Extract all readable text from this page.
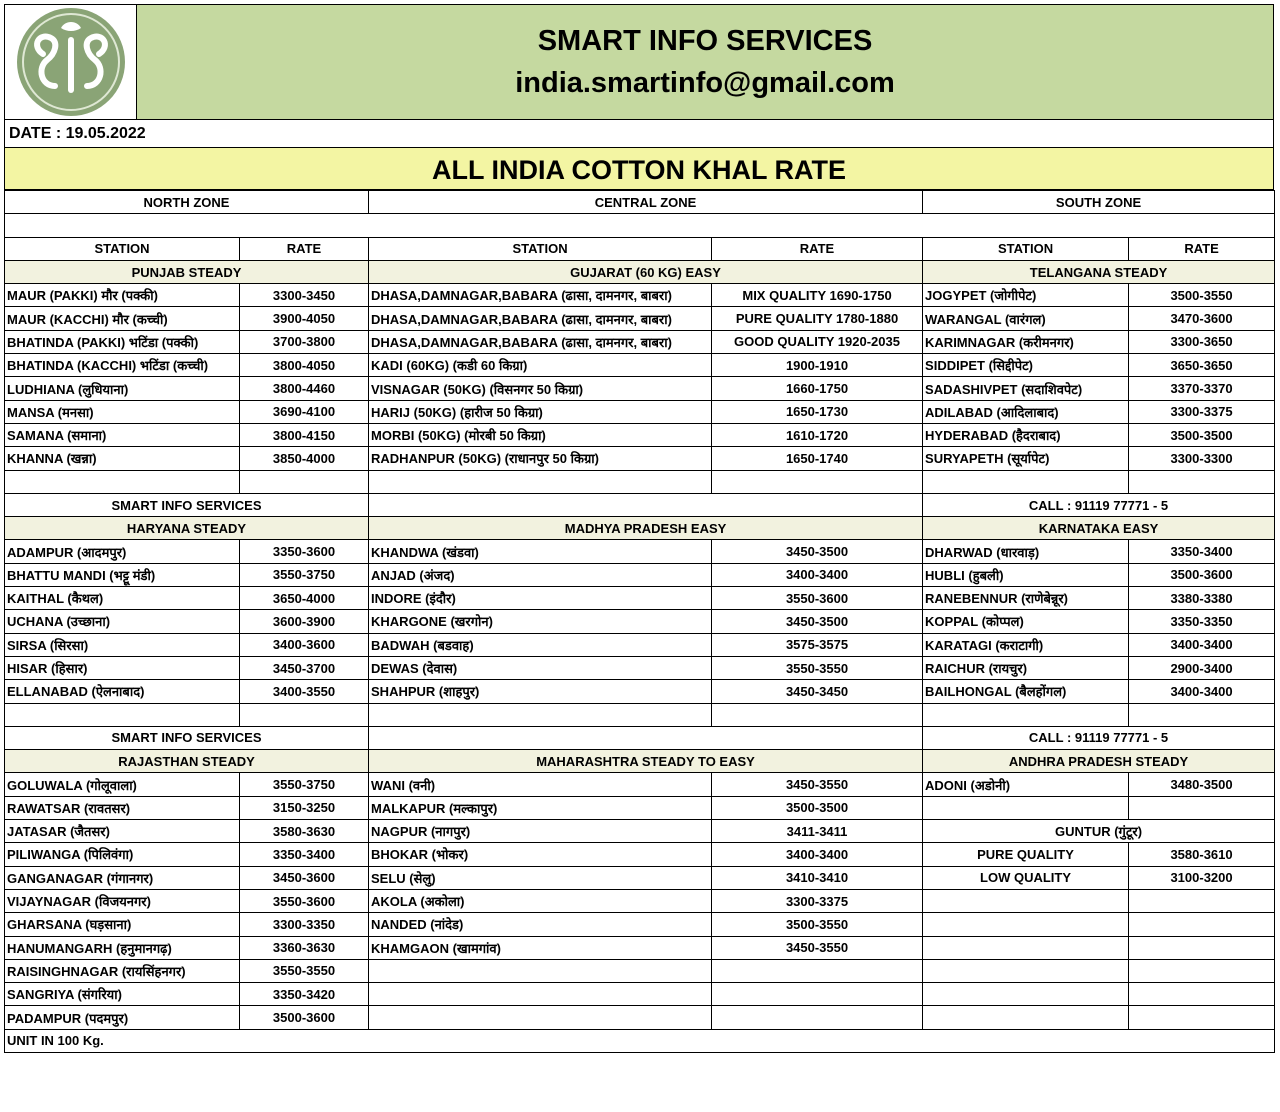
SMART INFO SERVICES
india.smartinfo@gmail.com
DATE : 19.05.2022
ALL INDIA COTTON KHAL RATE
NORTH ZONE		CENTRAL ZONE		SOUTH ZONE	

STATION	RATE	STATION	RATE	STATION	RATE
PUNJAB STEADY		GUJARAT (60 KG) EASY		TELANGANA STEADY	
MAUR (PAKKI) मौर (पक्की)	3300-3450	DHASA,DAMNAGAR,BABARA (ढासा, दामनगर, बाबरा)	MIX QUALITY 1690-1750	JOGYPET (जोगीपेट)	3500-3550
MAUR (KACCHI) मौर (कच्ची)	3900-4050	DHASA,DAMNAGAR,BABARA (ढासा, दामनगर, बाबरा)	PURE QUALITY 1780-1880	WARANGAL (वारंगल)	3470-3600
BHATINDA (PAKKI) भटिंडा (पक्की)	3700-3800	DHASA,DAMNAGAR,BABARA (ढासा, दामनगर, बाबरा)	GOOD QUALITY 1920-2035	KARIMNAGAR (करीमनगर)	3300-3650
BHATINDA (KACCHI) भटिंडा (कच्ची)	3800-4050	KADI (60KG) (कडी 60 किग्रा)	1900-1910	SIDDIPET (सिद्दीपेट)	3650-3650
LUDHIANA (लुधियाना)	3800-4460	VISNAGAR (50KG) (विसनगर 50 किग्रा)	1660-1750	SADASHIVPET (सदाशिवपेट)	3370-3370
MANSA (मनसा)	3690-4100	HARIJ (50KG) (हारीज 50 किग्रा)	1650-1730	ADILABAD (आदिलाबाद)	3300-3375
SAMANA (समाना)	3800-4150	MORBI (50KG) (मोरबी 50 किग्रा)	1610-1720	HYDERABAD (हैदराबाद)	3500-3500
KHANNA (खन्ना)	3850-4000	RADHANPUR (50KG) (राधानपुर 50 किग्रा)	1650-1740	SURYAPETH (सूर्यापेट)	3300-3300

SMART INFO SERVICES				CALL : 91119 77771 - 5	
HARYANA STEADY		MADHYA PRADESH EASY		KARNATAKA EASY	
ADAMPUR (आदमपुर)	3350-3600	KHANDWA (खंडवा)	3450-3500	DHARWAD (धारवाड़)	3350-3400
BHATTU MANDI (भट्टू मंडी)	3550-3750	ANJAD (अंजद)	3400-3400	HUBLI (हुबली)	3500-3600
KAITHAL (कैथल)	3650-4000	INDORE (इंदौर)	3550-3600	RANEBENNUR (राणेबेन्नूर)	3380-3380
UCHANA (उच्छाना)	3600-3900	KHARGONE (खरगोन)	3450-3500	KOPPAL (कोप्पल)	3350-3350
SIRSA (सिरसा)	3400-3600	BADWAH (बडवाह)	3575-3575	KARATAGI (कराटागी)	3400-3400
HISAR (हिसार)	3450-3700	DEWAS (देवास)	3550-3550	RAICHUR (रायचुर)	2900-3400
ELLANABAD (ऐलनाबाद)	3400-3550	SHAHPUR (शाहपुर)	3450-3450	BAILHONGAL (बैलहोंगल)	3400-3400

SMART INFO SERVICES				CALL : 91119 77771 - 5	
RAJASTHAN STEADY		MAHARASHTRA STEADY TO EASY		ANDHRA PRADESH STEADY	
GOLUWALA (गोलूवाला)	3550-3750	WANI (वनी)	3450-3550	ADONI (अडोनी)	3480-3500
RAWATSAR (रावतसर)	3150-3250	MALKAPUR (मल्कापुर)	3500-3500		
JATASAR (जैतसर)	3580-3630	NAGPUR (नागपुर)	3411-3411	GUNTUR (गुंटूर)	
PILIWANGA (पिलिवंगा)	3350-3400	BHOKAR (भोकर)	3400-3400	PURE QUALITY	3580-3610
GANGANAGAR (गंगानगर)	3450-3600	SELU (सेलु)	3410-3410	LOW QUALITY	3100-3200
VIJAYNAGAR (विजयनगर)	3550-3600	AKOLA (अकोला)	3300-3375		
GHARSANA (घड़साना)	3300-3350	NANDED (नांदेड)	3500-3550		
HANUMANGARH (हनुमानगढ़)	3360-3630	KHAMGAON (खामगांव)	3450-3550		
RAISINGHNAGAR (रायसिंहनगर)	3550-3550				
SANGRIYA (संगरिया)	3350-3420				
PADAMPUR (पदमपुर)	3500-3600				
UNIT IN 100 Kg.					
